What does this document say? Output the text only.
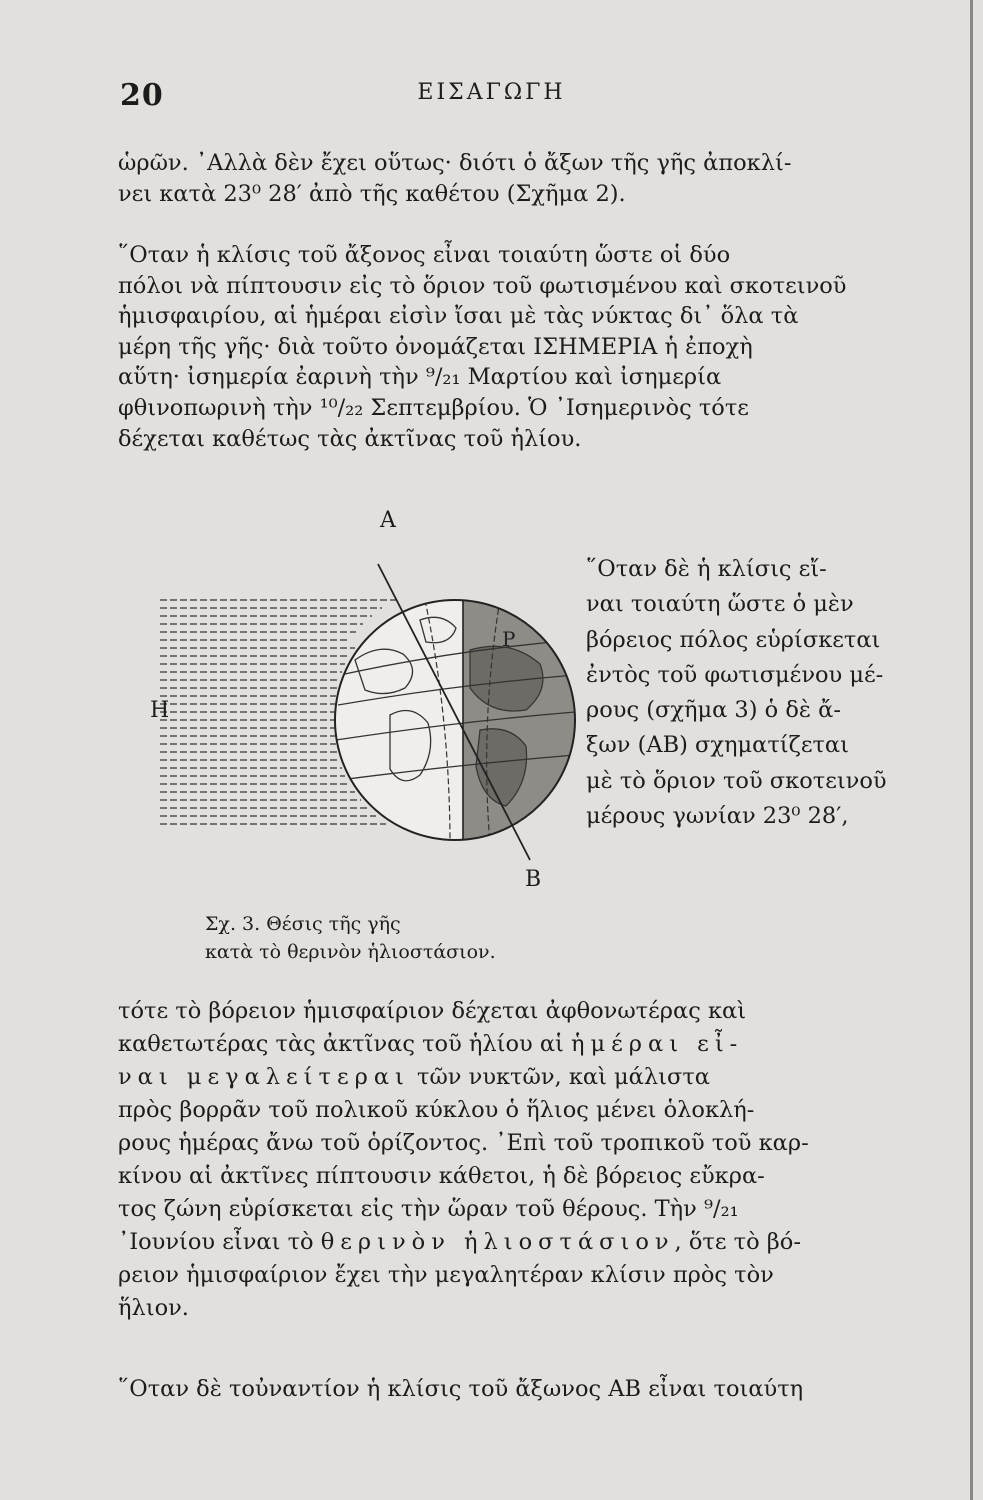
20	ΕΙΣΑΓΩΓΗ
ὡρῶν. ᾿Αλλὰ δὲν ἔχει οὕτως· διότι ὁ ἄξων τῆς γῆς ἀποκλί-
νει κατὰ 23⁰ 28′ ἀπὸ τῆς καθέτου (Σχῆμα 2).
῞Οταν ἡ κλίσις τοῦ ἄξονος εἶναι τοιαύτη ὥστε οἱ δύο
πόλοι νὰ πίπτουσιν εἰς τὸ ὅριον τοῦ φωτισμένου καὶ σκοτεινοῦ
ἡμισφαιρίου, αἱ ἡμέραι εἰσὶν ἴσαι μὲ τὰς νύκτας δι᾿ ὅλα τὰ
μέρη τῆς γῆς· διὰ τοῦτο ὀνομάζεται ΙΣΗΜΕΡΙΑ ἡ ἐποχὴ
αὕτη· ἰσημερία ἐαρινὴ τὴν ⁹/₂₁ Μαρτίου καὶ ἰσημερία
φθινοπωρινὴ τὴν ¹⁰/₂₂ Σεπτεμβρίου. Ὁ ᾿Ισημερινὸς τότε
δέχεται καθέτως τὰς ἀκτῖνας τοῦ ἡλίου.
Ρ
Α
Β
Η
Σχ. 3. Θέσις τῆς γῆς
κατὰ τὸ θερινὸν ἡλιοστάσιον.
῞Οταν δὲ ἡ κλίσις εἴ-
ναι τοιαύτη ὥστε ὁ μὲν
βόρειος πόλος εὑρίσκεται
ἐντὸς τοῦ φωτισμένου μέ-
ρους (σχῆμα 3) ὁ δὲ ἄ-
ξων (ΑΒ) σχηματίζεται
μὲ τὸ ὅριον τοῦ σκοτεινοῦ
μέρους γωνίαν 23⁰ 28′,
τότε τὸ βόρειον ἡμισφαίριον δέχεται ἀφθονωτέρας καὶ
καθετωτέρας τὰς ἀκτῖνας τοῦ ἡλίου αἱ ἡμέραι εἶ-
ναι μεγαλείτεραι τῶν νυκτῶν, καὶ μάλιστα
πρὸς βορρᾶν τοῦ πολικοῦ κύκλου ὁ ἥλιος μένει ὁλοκλή-
ρους ἡμέρας ἄνω τοῦ ὁρίζοντος. ᾿Επὶ τοῦ τροπικοῦ τοῦ καρ-
κίνου αἱ ἀκτῖνες πίπτουσιν κάθετοι, ἡ δὲ βόρειος εὔκρα-
τος ζώνη εὑρίσκεται εἰς τὴν ὥραν τοῦ θέρους. Τὴν ⁹/₂₁
᾿Ιουνίου εἶναι τὸ θερινὸν ἡλιοστάσιον, ὅτε τὸ βό-
ρειον ἡμισφαίριον ἔχει τὴν μεγαλητέραν κλίσιν πρὸς τὸν
ἥλιον.
῞Οταν δὲ τοὐναντίον ἡ κλίσις τοῦ ἄξωνος ΑΒ εἶναι τοιαύτη
